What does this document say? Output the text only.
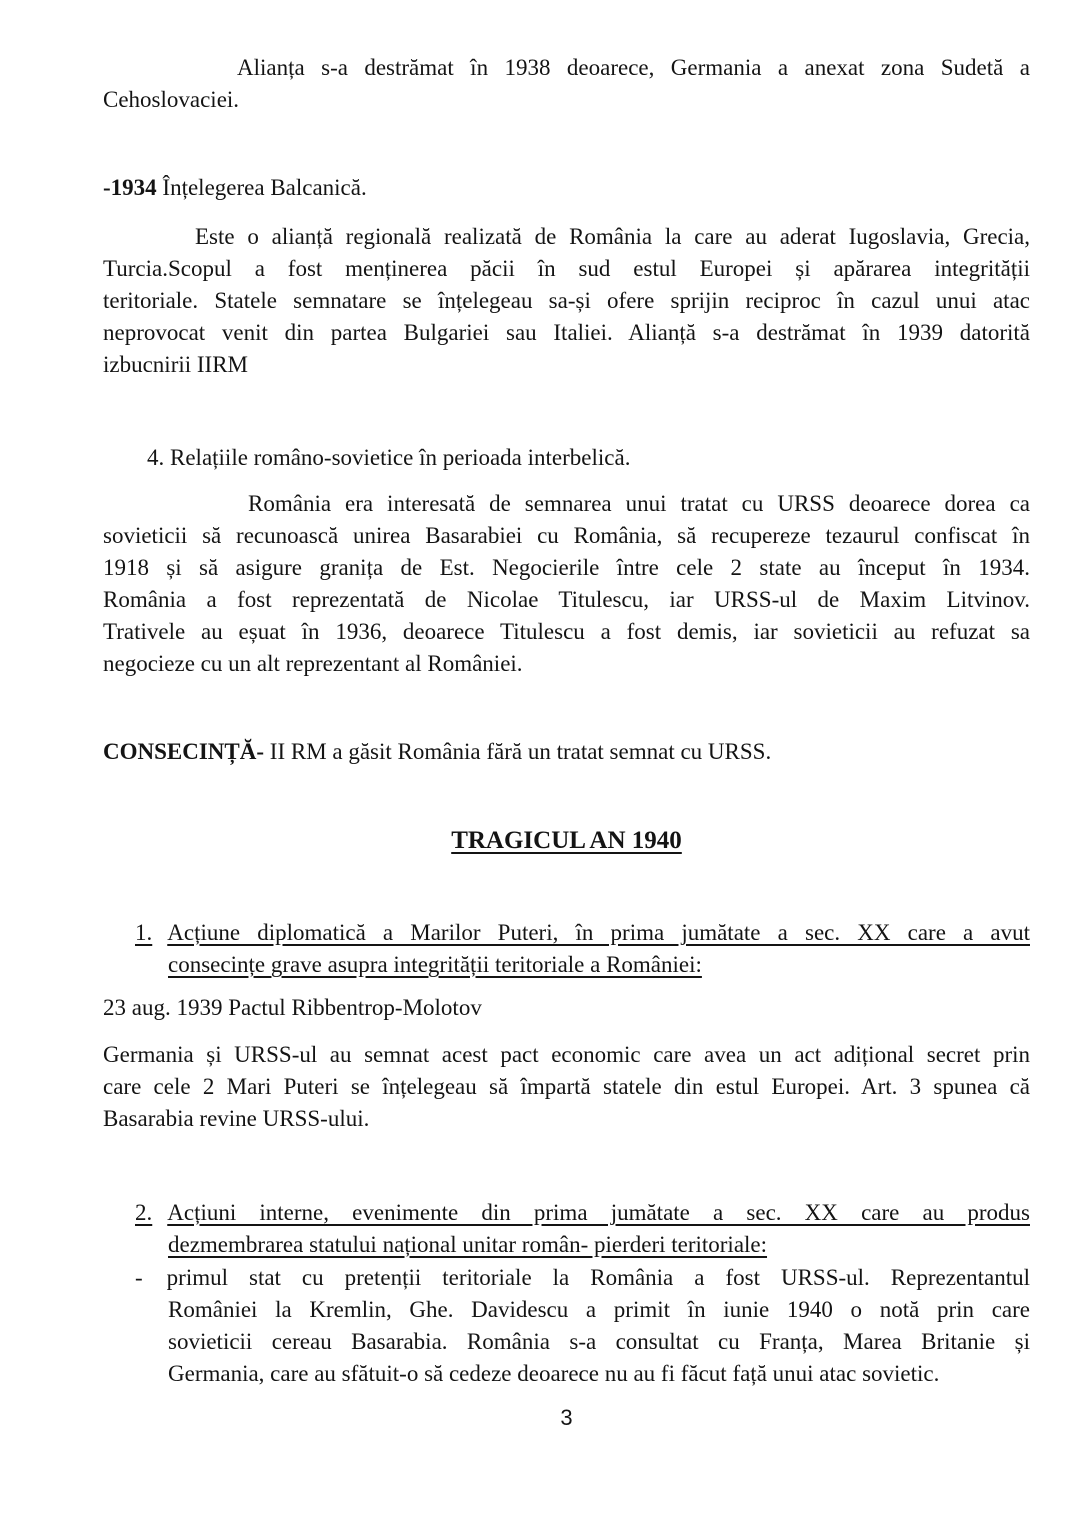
Alianța s-a destrămat în 1938 deoarece, Germania a anexat zona Sudetă a
Cehoslovaciei.
-1934 Înțelegerea Balcanică.
Este o alianță regională realizată de România la care au aderat Iugoslavia, Grecia,
Turcia.Scopul a fost menținerea păcii în sud estul Europei și apărarea integrității
teritoriale. Statele semnatare se înțelegeau sa-și ofere sprijin reciproc în cazul unui atac
neprovocat venit din partea Bulgariei sau Italiei. Alianță s-a destrămat în 1939 datorită
izbucnirii IIRM
4. Relațiile româno-sovietice în perioada interbelică.
România era interesată de semnarea unui tratat cu URSS deoarece dorea ca
sovieticii să recunoască unirea Basarabiei cu România, să recupereze tezaurul confiscat în
1918 și să asigure granița de Est. Negocierile între cele 2 state au început în 1934.
România a fost reprezentată de Nicolae Titulescu, iar URSS-ul de Maxim Litvinov.
Trativele au eșuat în 1936, deoarece Titulescu a fost demis, iar sovieticii au refuzat sa
negocieze cu un alt reprezentant al României.
CONSECINȚĂ- II RM a găsit România fără un tratat semnat cu URSS.
TRAGICUL AN 1940
1. Acțiune diplomatică a Marilor Puteri, în prima jumătate a sec. XX care a avut
consecințe grave asupra integrității teritoriale a României:
23 aug. 1939 Pactul Ribbentrop-Molotov
Germania și URSS-ul au semnat acest pact economic care avea un act adițional secret prin
care cele 2 Mari Puteri se înțelegeau să împartă statele din estul Europei. Art. 3 spunea că
Basarabia revine URSS-ului.
2. Acțiuni interne, evenimente din prima jumătate a sec. XX care au produs
dezmembrarea statului național unitar român- pierderi teritoriale:
- primul stat cu pretenții teritoriale la România a fost URSS-ul. Reprezentantul
României la Kremlin, Ghe. Davidescu a primit în iunie 1940 o notă prin care
sovieticii cereau Basarabia. România s-a consultat cu Franța, Marea Britanie și
Germania, care au sfătuit-o să cedeze deoarece nu au fi făcut față unui atac sovietic.
3
